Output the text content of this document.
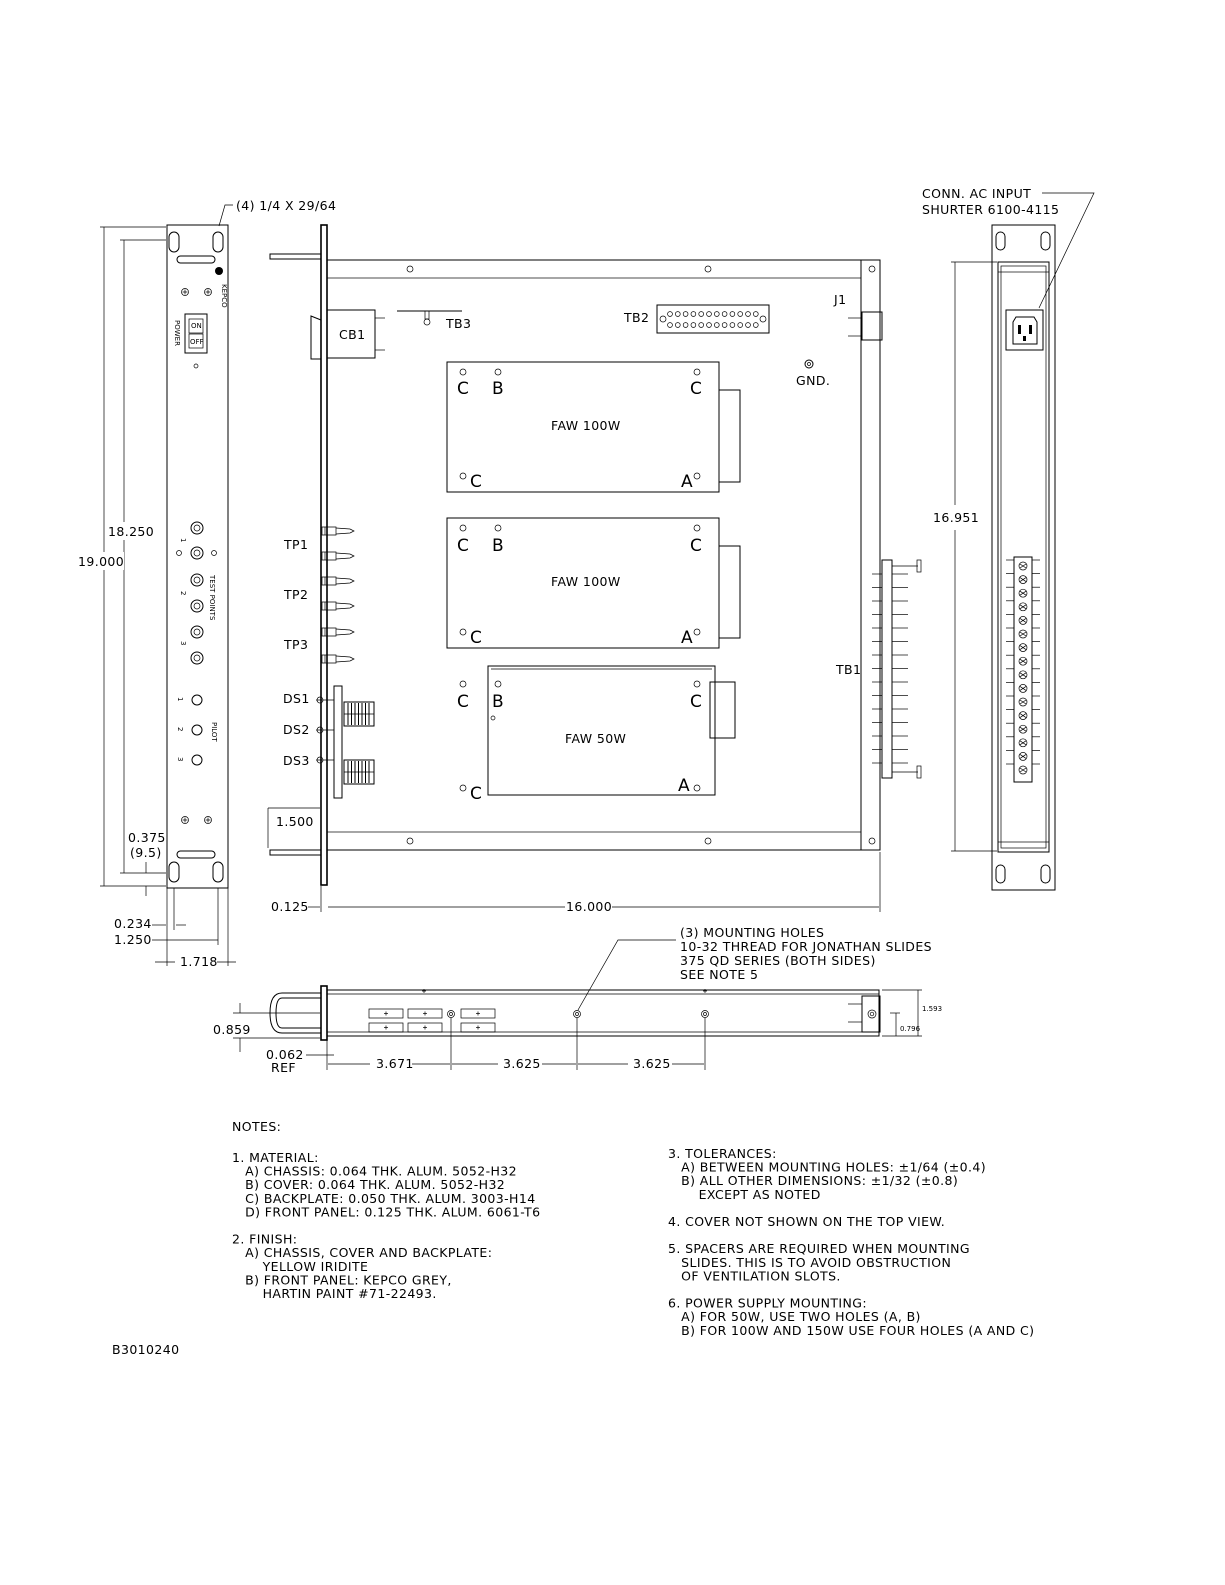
KEPCO
ON
OFF
POWER
1
2
3
TEST POINTS
1
2
3
PILOT
(4) 1/4 X 29/64
19.000
18.250
0.375
(9.5)
0.234
1.250
1.718
CB1
TB3	TB2
J1
GND.
FAW 100W
C B	C
C	A
FAW 100W
C B	C
C	A
FAW 50W
C B	C
C	A
TP1
TP2
TP3
DS1
DS2
DS3
TB1
1.500
0.125	16.000
CONN. AC INPUT
SHURTER 6100-4115
16.951
(3) MOUNTING HOLES
10-32 THREAD FOR JONATHAN SLIDES
375 QD SERIES (BOTH SIDES)
SEE NOTE 5
0.859
0.062
REF	3.671	3.625	3.625
1.593
0.796
NOTES:
1. MATERIAL:
A) CHASSIS: 0.064 THK. ALUM. 5052-H32
B) COVER: 0.064 THK. ALUM. 5052-H32
C) BACKPLATE: 0.050 THK. ALUM. 3003-H14
D) FRONT PANEL: 0.125 THK. ALUM. 6061-T6
2. FINISH:
A) CHASSIS, COVER AND BACKPLATE:
YELLOW IRIDITE
B) FRONT PANEL: KEPCO GREY,
HARTIN PAINT #71-22493.
3. TOLERANCES:
A) BETWEEN MOUNTING HOLES: ±1/64 (±0.4)
B) ALL OTHER DIMENSIONS: ±1/32 (±0.8)
EXCEPT AS NOTED
4. COVER NOT SHOWN ON THE TOP VIEW.
5. SPACERS ARE REQUIRED WHEN MOUNTING
SLIDES. THIS IS TO AVOID OBSTRUCTION
OF VENTILATION SLOTS.
6. POWER SUPPLY MOUNTING:
A) FOR 50W, USE TWO HOLES (A, B)
B) FOR 100W AND 150W USE FOUR HOLES (A AND C)
B3010240
